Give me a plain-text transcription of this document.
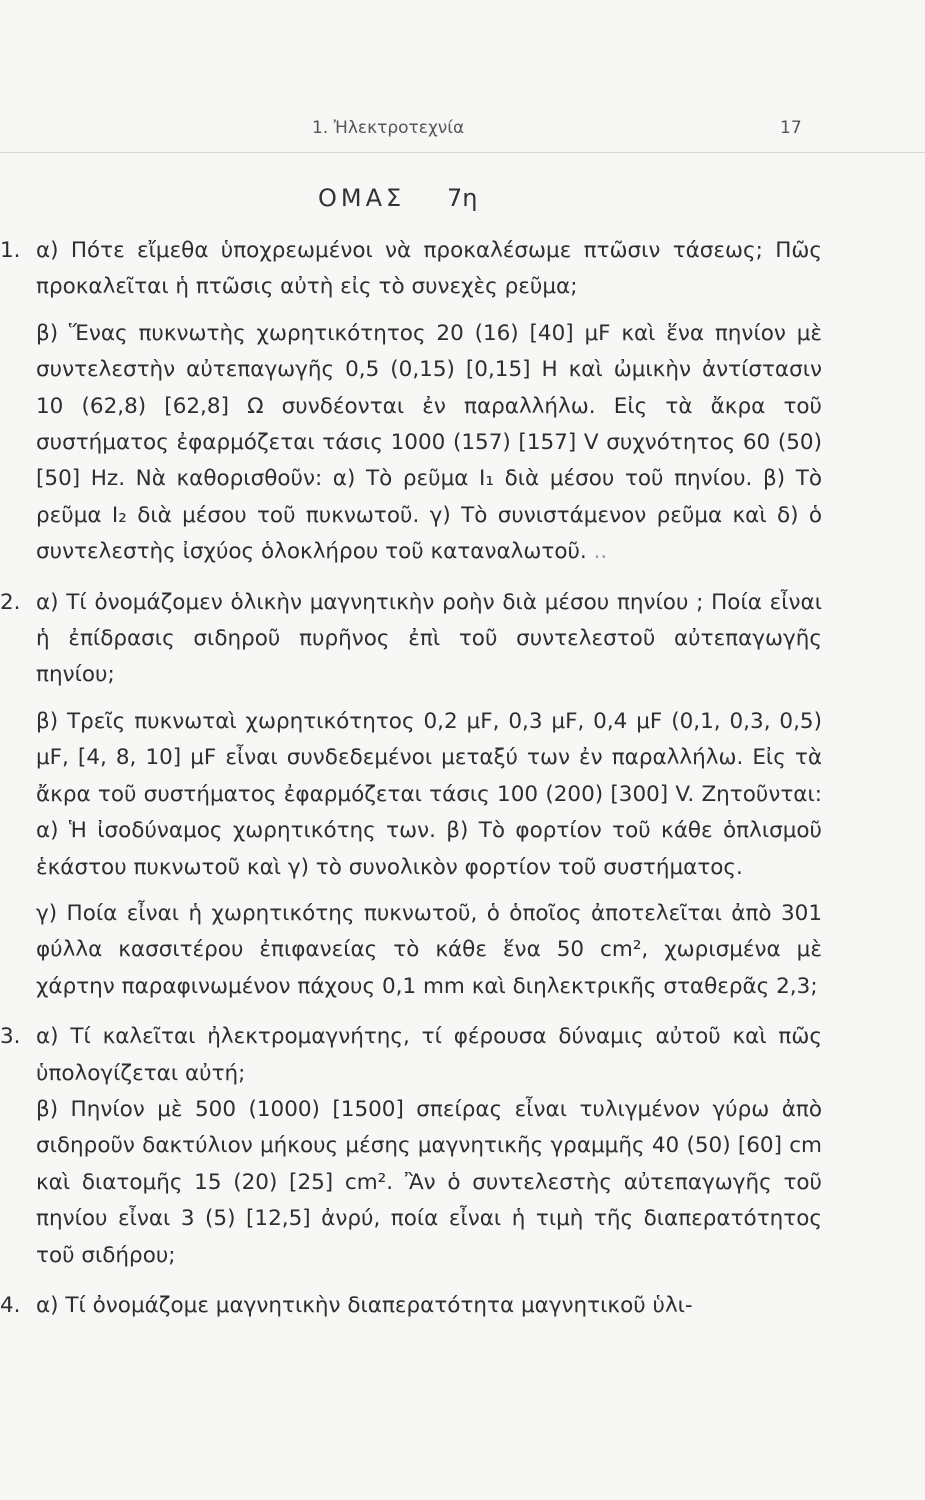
1. Ἠλεκτροτεχνία	17
ΟΜΑΣ 7η

1. α) Πότε εἴμεθα ὑποχρεωμένοι νὰ προκαλέσωμε πτῶσιν τάσεως; Πῶς προκαλεῖται ἡ πτῶσις αὐτὴ εἰς τὸ συνεχὲς ρεῦμα;

β) Ἕνας πυκνωτὴς χωρητικότητος 20 (16) [40] μF καὶ ἕνα πηνίον μὲ συντελεστὴν αὐτεπαγωγῆς 0,5 (0,15) [0,15] H καὶ ὠμικὴν ἀντίστασιν 10 (62,8) [62,8] Ω συνδέονται ἐν παραλλήλω. Εἰς τὰ ἄκρα τοῦ συστήματος ἐφαρμόζεται τάσις 1000 (157) [157] V συχνότητος 60 (50) [50] Hz. Νὰ καθορισθοῦν: α) Τὸ ρεῦμα I₁ διὰ μέσου τοῦ πηνίου. β) Τὸ ρεῦμα I₂ διὰ μέσου τοῦ πυκνωτοῦ. γ) Τὸ συνιστάμενον ρεῦμα καὶ δ) ὁ συντελεστὴς ἰσχύος ὁλοκλήρου τοῦ καταναλωτοῦ. ..

2. α) Τί ὀνομάζομεν ὁλικὴν μαγνητικὴν ροὴν διὰ μέσου πηνίου ; Ποία εἶναι ἡ ἐπίδρασις σιδηροῦ πυρῆνος ἐπὶ τοῦ συντελεστοῦ αὐτεπαγωγῆς πηνίου;

β) Τρεῖς πυκνωταὶ χωρητικότητος 0,2 μF, 0,3 μF, 0,4 μF (0,1, 0,3, 0,5) μF, [4, 8, 10] μF εἶναι συνδεδεμένοι μεταξύ των ἐν παραλλήλω. Εἰς τὰ ἄκρα τοῦ συστήματος ἐφαρμόζεται τάσις 100 (200) [300] V. Ζητοῦνται: α) Ἡ ἰσοδύναμος χωρητικότης των. β) Τὸ φορτίον τοῦ κάθε ὁπλισμοῦ ἑκάστου πυκνωτοῦ καὶ γ) τὸ συνολικὸν φορτίον τοῦ συστήματος.

γ) Ποία εἶναι ἡ χωρητικότης πυκνωτοῦ, ὁ ὁποῖος ἀποτελεῖται ἀπὸ 301 φύλλα κασσιτέρου ἐπιφανείας τὸ κάθε ἕνα 50 cm², χωρισμένα μὲ χάρτην παραφινωμένον πάχους 0,1 mm καὶ διηλεκτρικῆς σταθερᾶς 2,3;

3. α) Τί καλεῖται ἠλεκτρομαγνήτης, τί φέρουσα δύναμις αὐτοῦ καὶ πῶς ὑπολογίζεται αὐτή;

β) Πηνίον μὲ 500 (1000) [1500] σπείρας εἶναι τυλιγμένον γύρω ἀπὸ σιδηροῦν δακτύλιον μήκους μέσης μαγνητικῆς γραμμῆς 40 (50) [60] cm καὶ διατομῆς 15 (20) [25] cm². Ἂν ὁ συντελεστὴς αὐτεπαγωγῆς τοῦ πηνίου εἶναι 3 (5) [12,5] ἀνρύ, ποία εἶναι ἡ τιμὴ τῆς διαπερατότητος τοῦ σιδήρου;

4. α) Τί ὀνομάζομε μαγνητικὴν διαπερατότητα μαγνητικοῦ ὑλι-
